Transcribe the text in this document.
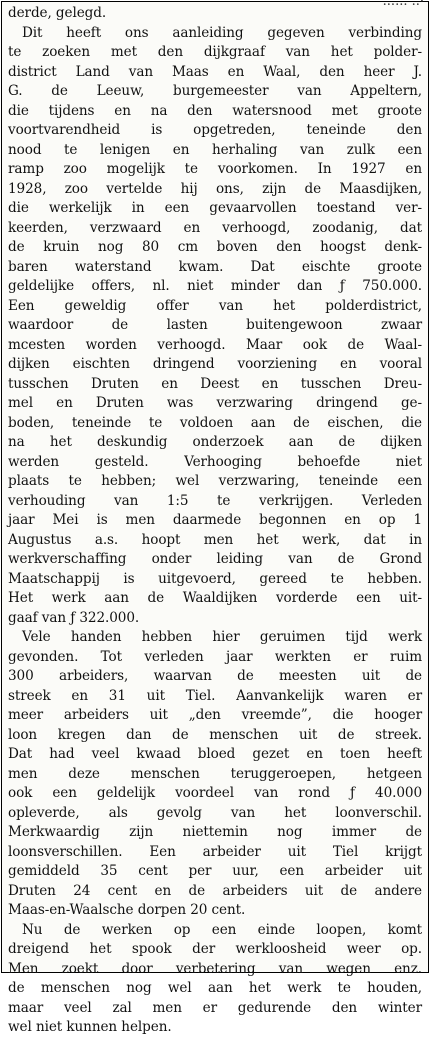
...... ..·
derde, gelegd.
Dit heeft ons aanleiding gegeven verbinding
te zoeken met den dijkgraaf van het polder-
district Land van Maas en Waal, den heer J.
G. de Leeuw, burgemeester van Appeltern,
die tijdens en na den watersnood met groote
voortvarendheid is opgetreden, teneinde den
nood te lenigen en herhaling van zulk een
ramp zoo mogelijk te voorkomen. In 1927 en
1928, zoo vertelde hij ons, zijn de Maasdijken,
die werkelijk in een gevaarvollen toestand ver-
keerden, verzwaard en verhoogd, zoodanig, dat
de kruin nog 80 cm boven den hoogst denk-
baren waterstand kwam. Dat eischte groote
geldelijke offers, nl. niet minder dan ƒ 750.000.
Een geweldig offer van het polderdistrict,
waardoor de lasten buitengewoon zwaar
mcesten worden verhoogd. Maar ook de Waal-
dijken eischten dringend voorziening en vooral
tusschen Druten en Deest en tusschen Dreu-
mel en Druten was verzwaring dringend ge-
boden, teneinde te voldoen aan de eischen, die
na het deskundig onderzoek aan de dijken
werden gesteld. Verhooging behoefde niet
plaats te hebben; wel verzwaring, teneinde een
verhouding van 1:5 te verkrijgen. Verleden
jaar Mei is men daarmede begonnen en op 1
Augustus a.s. hoopt men het werk, dat in
werkverschaffing onder leiding van de Grond
Maatschappij is uitgevoerd, gereed te hebben.
Het werk aan de Waaldijken vorderde een uit-
gaaf van ƒ 322.000.
Vele handen hebben hier geruimen tijd werk
gevonden. Tot verleden jaar werkten er ruim
300 arbeiders, waarvan de meesten uit de
streek en 31 uit Tiel. Aanvankelijk waren er
meer arbeiders uit „den vreemde”, die hooger
loon kregen dan de menschen uit de streek.
Dat had veel kwaad bloed gezet en toen heeft
men deze menschen teruggeroepen, hetgeen
ook een geldelijk voordeel van rond ƒ 40.000
opleverde, als gevolg van het loonverschil.
Merkwaardig zijn niettemin nog immer de
loonsverschillen. Een arbeider uit Tiel krijgt
gemiddeld 35 cent per uur, een arbeider uit
Druten 24 cent en de arbeiders uit de andere
Maas-en-Waalsche dorpen 20 cent.
Nu de werken op een einde loopen, komt
dreigend het spook der werkloosheid weer op.
Men zoekt door verbetering van wegen enz.
de menschen nog wel aan het werk te houden,
maar veel zal men er gedurende den winter
wel niet kunnen helpen.
